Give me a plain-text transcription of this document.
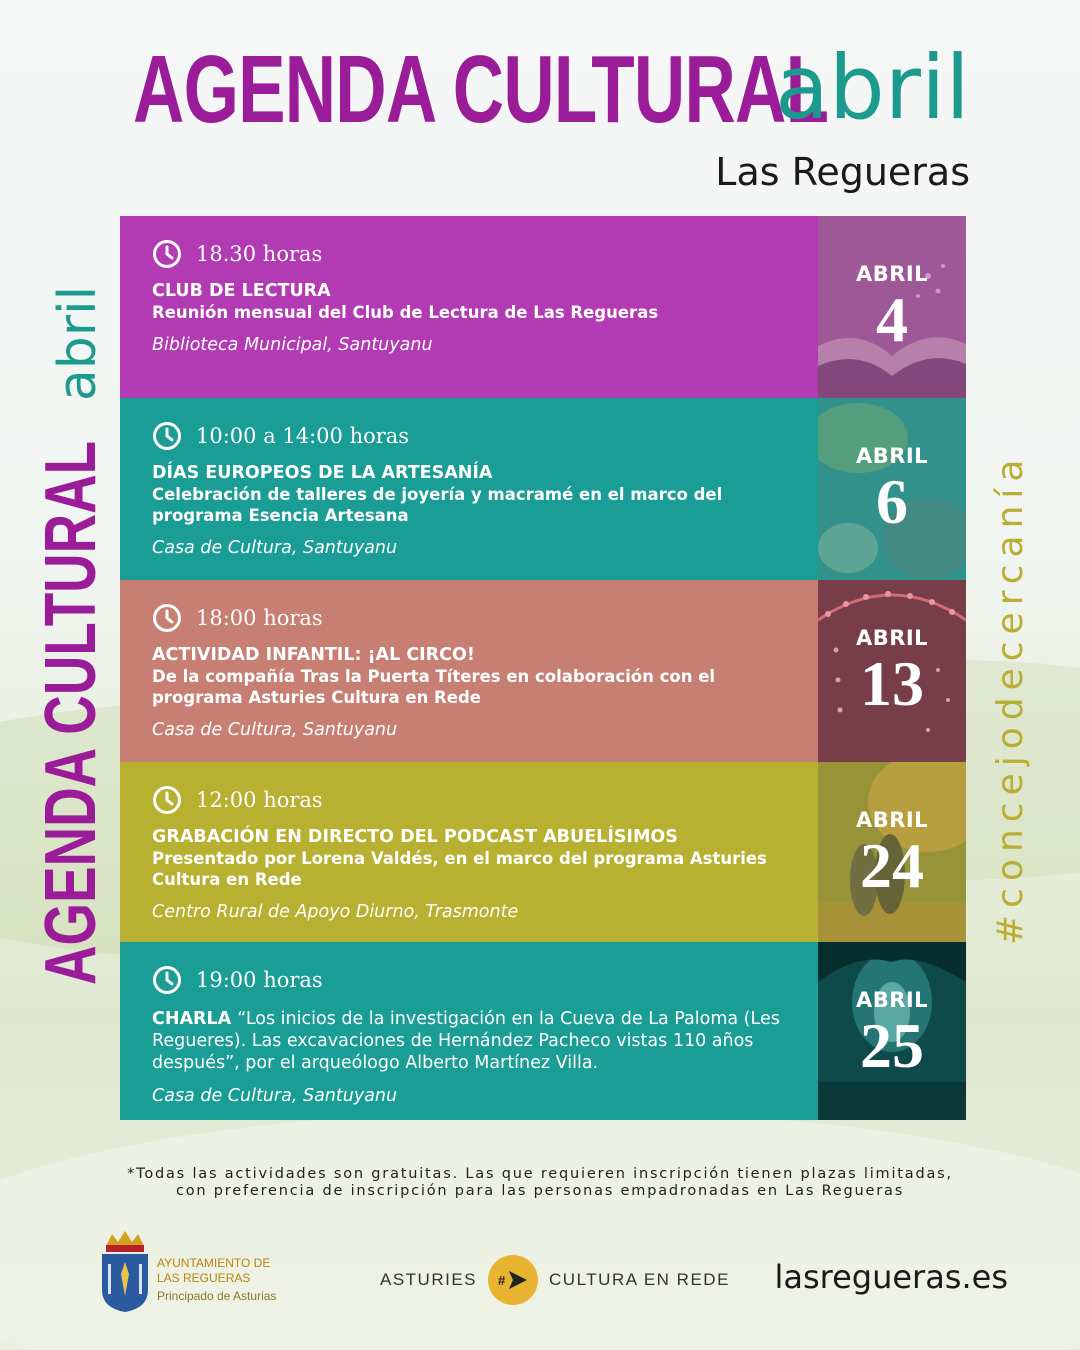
AGENDA CULTURAL
abril
Las Regueras
AGENDA CULTURAL
abril
#concejodecercanía
18.30 horas
CLUB DE LECTURA
Reunión mensual del Club de Lectura de Las Regueras
Biblioteca Municipal, Santuyanu
ABRIL
4
10:00 a 14:00 horas
DÍAS EUROPEOS DE LA ARTESANÍA
Celebración de talleres de joyería y macramé en el marco del programa Esencia Artesana
Casa de Cultura, Santuyanu
ABRIL
6
18:00 horas
ACTIVIDAD INFANTIL: ¡AL CIRCO!
De la compañía Tras la Puerta Títeres en colaboración con el programa Asturies Cultura en Rede
Casa de Cultura, Santuyanu
ABRIL
13
12:00 horas
GRABACIÓN EN DIRECTO DEL PODCAST ABUELÍSIMOS
Presentado por Lorena Valdés, en el marco del programa Asturies Cultura en Rede
Centro Rural de Apoyo Diurno, Trasmonte
ABRIL
24
19:00 horas
CHARLA “Los inicios de la investigación en la Cueva de La Paloma (Les Regueres). Las excavaciones de Hernández Pacheco vistas 110 años después”, por el arqueólogo Alberto Martínez Villa.
Casa de Cultura, Santuyanu
ABRIL
25
*Todas las actividades son gratuitas. Las que requieren inscripción tienen plazas limitadas,
con preferencia de inscripción para las personas empadronadas en Las Regueras
AYUNTAMIENTO DE
LAS REGUERAS
Principado de Asturias
ASTURIES # CULTURA EN REDE lasregueras.es
